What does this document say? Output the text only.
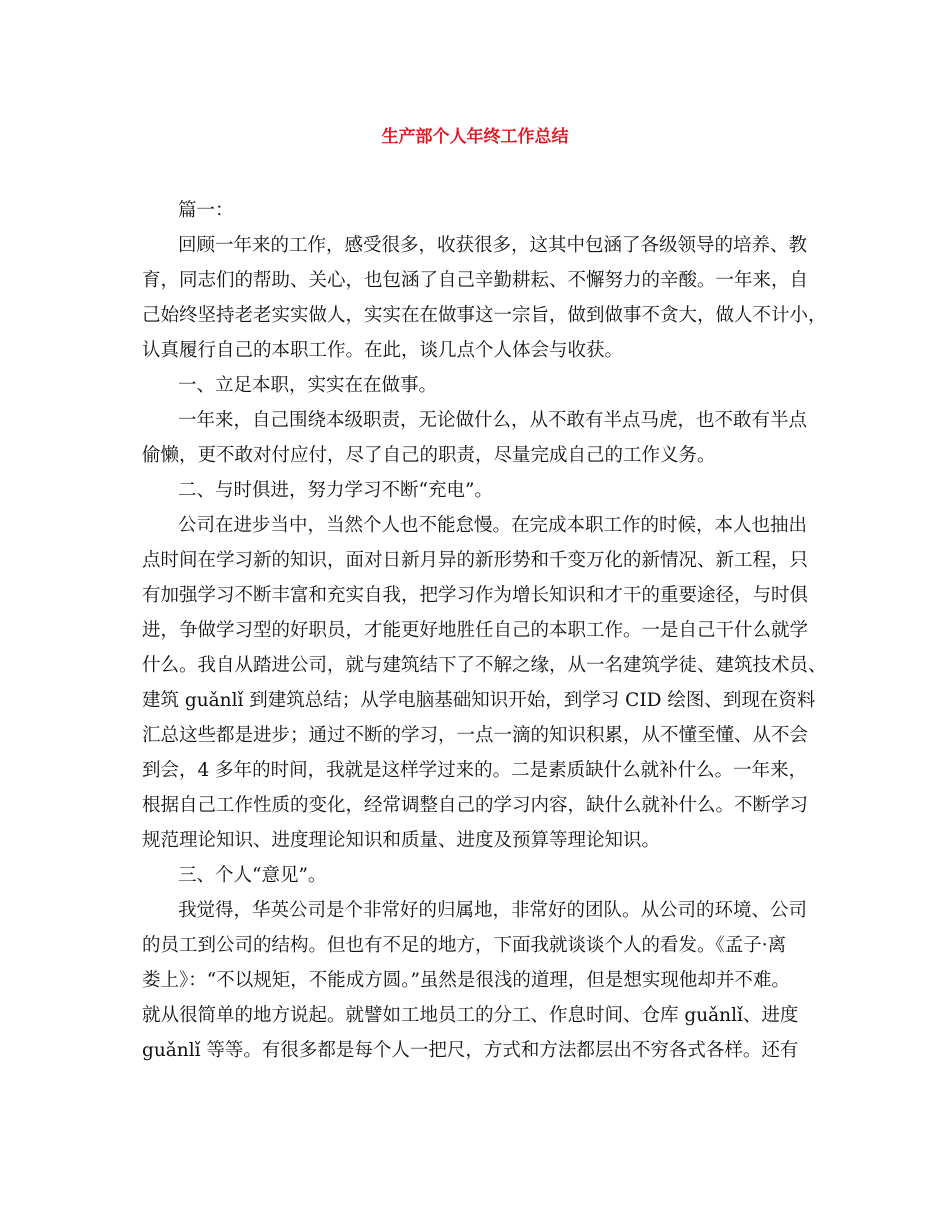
生产部个人年终工作总结
篇一：
回顾一年来的工作，感受很多，收获很多，这其中包涵了各级领导的培养、教
育，同志们的帮助、关心，也包涵了自己辛勤耕耘、不懈努力的辛酸。一年来，自
己始终坚持老老实实做人，实实在在做事这一宗旨，做到做事不贪大，做人不计小，
认真履行自己的本职工作。在此，谈几点个人体会与收获。
一、立足本职，实实在在做事。
一年来，自己围绕本级职责，无论做什么，从不敢有半点马虎，也不敢有半点
偷懒，更不敢对付应付，尽了自己的职责，尽量完成自己的工作义务。
二、与时俱进，努力学习不断“充电”。
公司在进步当中，当然个人也不能怠慢。在完成本职工作的时候，本人也抽出
点时间在学习新的知识，面对日新月异的新形势和千变万化的新情况、新工程，只
有加强学习不断丰富和充实自我，把学习作为增长知识和才干的重要途径，与时俱
进，争做学习型的好职员，才能更好地胜任自己的本职工作。一是自己干什么就学
什么。我自从踏进公司，就与建筑结下了不解之缘，从一名建筑学徒、建筑技术员、
建筑 guǎnlǐ 到建筑总结；从学电脑基础知识开始，到学习 CID 绘图、到现在资料
汇总这些都是进步；通过不断的学习，一点一滴的知识积累，从不懂至懂、从不会
到会，4 多年的时间，我就是这样学过来的。二是素质缺什么就补什么。一年来，
根据自己工作性质的变化，经常调整自己的学习内容，缺什么就补什么。不断学习
规范理论知识、进度理论知识和质量、进度及预算等理论知识。
三、个人“意见”。
我觉得，华英公司是个非常好的归属地，非常好的团队。从公司的环境、公司
的员工到公司的结构。但也有不足的地方，下面我就谈谈个人的看发。《孟子·离
娄上》：“不以规矩，不能成方圆。”虽然是很浅的道理，但是想实现他却并不难。
就从很简单的地方说起。就譬如工地员工的分工、作息时间、仓库 guǎnlǐ、进度
guǎnlǐ 等等。有很多都是每个人一把尺，方式和方法都层出不穷各式各样。还有
